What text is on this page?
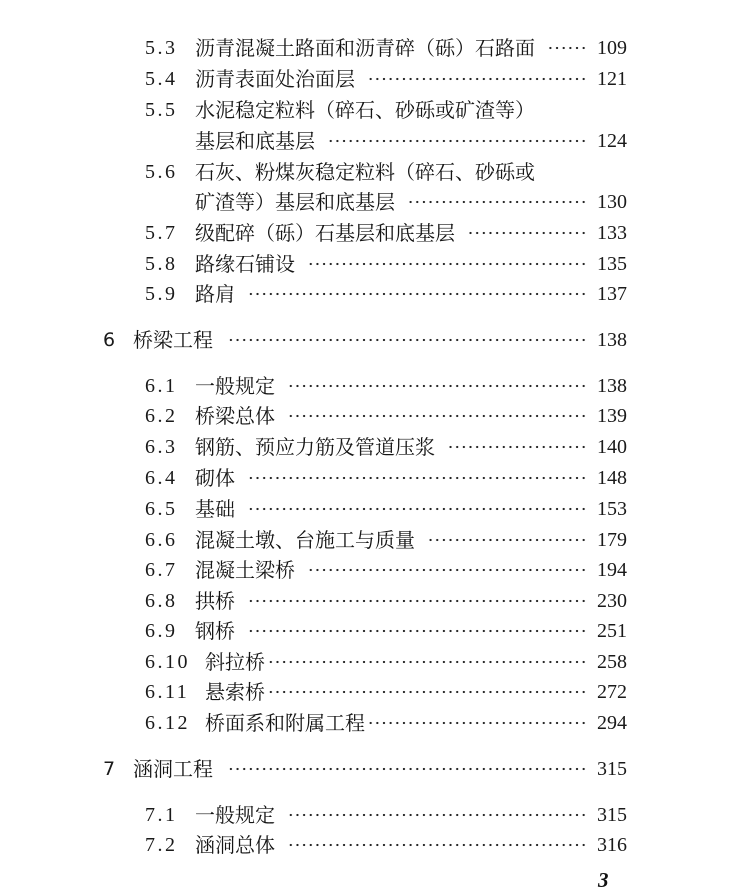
5.3 沥青混凝土路面和沥青碎（砾）石路面	109
5.4 沥青表面处治面层	121
5.5 水泥稳定粒料（碎石、砂砾或矿渣等）
基层和底基层	124
5.6 石灰、粉煤灰稳定粒料（碎石、砂砾或
矿渣等）基层和底基层	130
5.7 级配碎（砾）石基层和底基层	133
5.8 路缘石铺设	135
5.9 路肩	137
6 桥梁工程	138
6.1 一般规定	138
6.2 桥梁总体	139
6.3 钢筋、预应力筋及管道压浆	140
6.4 砌体	148
6.5 基础	153
6.6 混凝土墩、台施工与质量	179
6.7 混凝土梁桥	194
6.8 拱桥	230
6.9 钢桥	251
6.10 斜拉桥	258
6.11 悬索桥	272
6.12 桥面系和附属工程	294
7 涵洞工程	315
7.1 一般规定	315
7.2 涵洞总体	316
3
